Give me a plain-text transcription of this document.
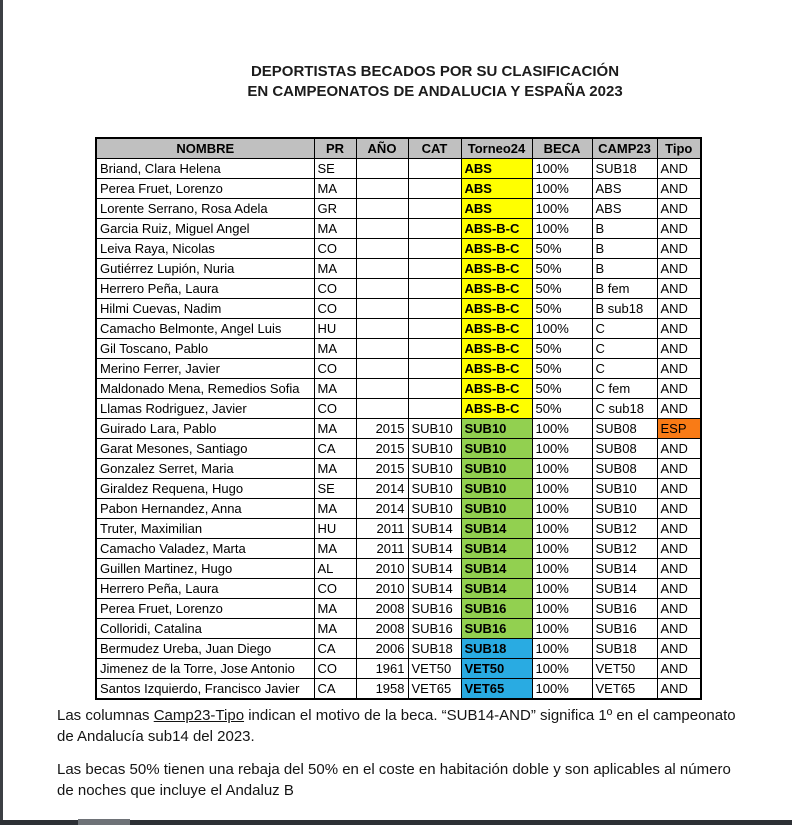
DEPORTISTAS BECADOS POR SU CLASIFICACIÓN
EN CAMPEONATOS DE ANDALUCIA Y ESPAÑA 2023
NOMBRE	PR	AÑO	CAT	Torneo24	BECA	CAMP23	Tipo
Briand, Clara Helena	SE			ABS	100%	SUB18	AND
Perea Fruet, Lorenzo	MA			ABS	100%	ABS	AND
Lorente Serrano, Rosa Adela	GR			ABS	100%	ABS	AND
Garcia Ruiz, Miguel Angel	MA			ABS-B-C	100%	B	AND
Leiva Raya, Nicolas	CO			ABS-B-C	50%	B	AND
Gutiérrez Lupión, Nuria	MA			ABS-B-C	50%	B	AND
Herrero Peña, Laura	CO			ABS-B-C	50%	B fem	AND
Hilmi Cuevas, Nadim	CO			ABS-B-C	50%	B sub18	AND
Camacho Belmonte, Angel Luis	HU			ABS-B-C	100%	C	AND
Gil Toscano, Pablo	MA			ABS-B-C	50%	C	AND
Merino Ferrer, Javier	CO			ABS-B-C	50%	C	AND
Maldonado Mena, Remedios Sofia	MA			ABS-B-C	50%	C fem	AND
Llamas Rodriguez, Javier	CO			ABS-B-C	50%	C sub18	AND
Guirado Lara, Pablo	MA	2015	SUB10	SUB10	100%	SUB08	ESP
Garat Mesones, Santiago	CA	2015	SUB10	SUB10	100%	SUB08	AND
Gonzalez Serret, Maria	MA	2015	SUB10	SUB10	100%	SUB08	AND
Giraldez Requena, Hugo	SE	2014	SUB10	SUB10	100%	SUB10	AND
Pabon Hernandez, Anna	MA	2014	SUB10	SUB10	100%	SUB10	AND
Truter, Maximilian	HU	2011	SUB14	SUB14	100%	SUB12	AND
Camacho Valadez, Marta	MA	2011	SUB14	SUB14	100%	SUB12	AND
Guillen Martinez, Hugo	AL	2010	SUB14	SUB14	100%	SUB14	AND
Herrero Peña, Laura	CO	2010	SUB14	SUB14	100%	SUB14	AND
Perea Fruet, Lorenzo	MA	2008	SUB16	SUB16	100%	SUB16	AND
Colloridi, Catalina	MA	2008	SUB16	SUB16	100%	SUB16	AND
Bermudez Ureba, Juan Diego	CA	2006	SUB18	SUB18	100%	SUB18	AND
Jimenez de la Torre, Jose Antonio	CO	1961	VET50	VET50	100%	VET50	AND
Santos Izquierdo, Francisco Javier	CA	1958	VET65	VET65	100%	VET65	AND

Las columnas Camp23-Tipo indican el motivo de la beca. “SUB14-AND” significa 1º en el campeonato de Andalucía sub14 del 2023.

Las becas 50% tienen una rebaja del 50% en el coste en habitación doble y son aplicables al número de noches que incluye el Andaluz B
